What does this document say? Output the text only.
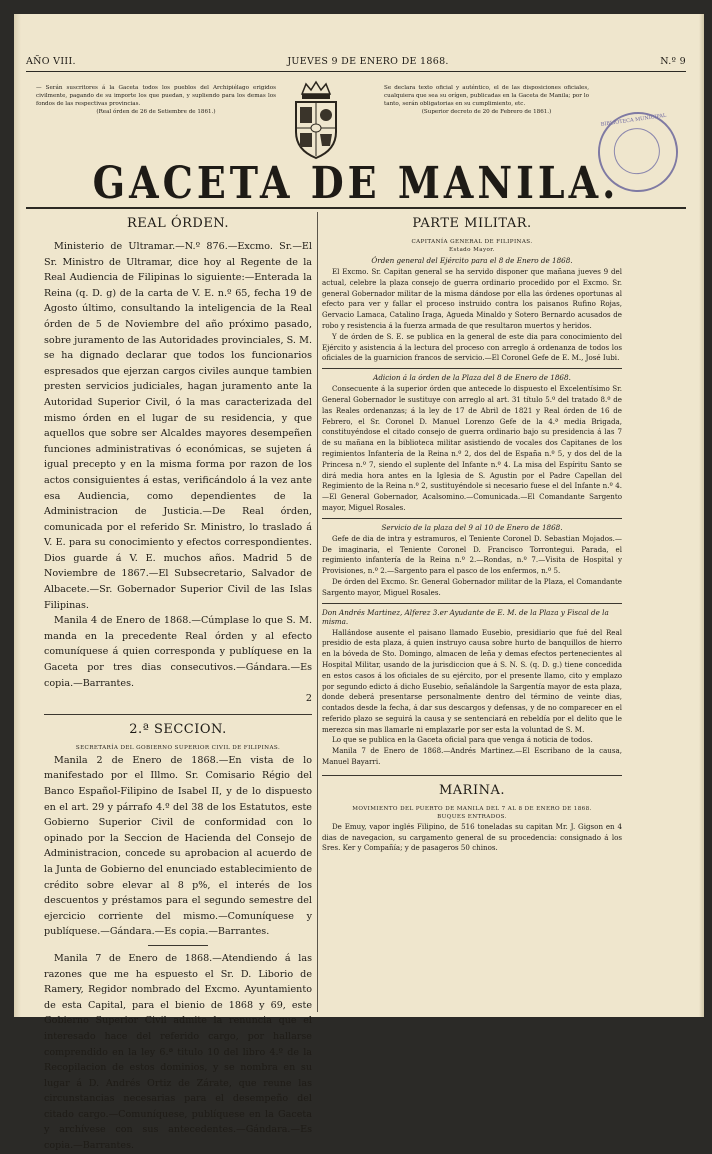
AÑO VIII.	JUEVES 9 DE ENERO DE 1868.	N.º 9
— Serán suscritores á la Gaceta todos los pueblos del Archipiélago erigidos civilmente, pagando de su importe los que puedan, y supliendo para los demas los fondos de las respectivas provincias.
(Real órden de 26 de Setiembre de 1861.)
Se declara texto oficial y auténtico, el de las disposiciones oficiales, cualquiera que sea su orígen, publicadas en la Gaceta de Manila; por lo tanto, serán obligatorias en su cumplimiento, etc.
(Superior decreto de 20 de Febrero de 1861.)
BIBLIOTECA MUNICIPAL
GACETA DE MANILA.
REAL ÓRDEN.

Ministerio de Ultramar.—N.º 876.—Excmo. Sr.—El Sr. Ministro de Ultramar, dice hoy al Regente de la Real Audiencia de Filipinas lo siguiente:—Enterada la Reina (q. D. g) de la carta de V. E. n.º 65, fecha 19 de Agosto último, consultando la inteligencia de la Real órden de 5 de Noviembre del año próximo pasado, sobre juramento de las Autoridades provinciales, S. M. se ha dignado declarar que todos los funcionarios espresados que ejerzan cargos civiles aunque tambien presten servicios judiciales, hagan juramento ante la Autoridad Superior Civil, ó la mas caracterizada del mismo órden en el lugar de su residencia, y que aquellos que sobre ser Alcaldes mayores desempeñen funciones administrativas ó económicas, se sujeten á igual precepto y en la misma forma por razon de los actos consiguientes á estas, verificándolo á la vez ante esa Audiencia, como dependientes de la Administracion de Justicia.—De Real órden, comunicada por el referido Sr. Ministro, lo traslado á V. E. para su conocimiento y efectos correspondientes. Dios guarde á V. E. muchos años. Madrid 5 de Noviembre de 1867.—El Subsecretario, Salvador de Albacete.—Sr. Gobernador Superior Civil de las Islas Filipinas.

Manila 4 de Enero de 1868.—Cúmplase lo que S. M. manda en la precedente Real órden y al efecto comuníquese á quien corresponda y publíquese en la Gaceta por tres dias consecutivos.—Gándara.—Es copia.—Barrantes.

2
2.ª SECCION.
SECRETARÍA DEL GOBIERNO SUPERIOR CIVIL DE FILIPINAS.

Manila 2 de Enero de 1868.—En vista de lo manifestado por el Illmo. Sr. Comisario Régio del Banco Español-Filipino de Isabel II, y de lo dispuesto en el art. 29 y párrafo 4.º del 38 de los Estatutos, este Gobierno Superior Civil de conformidad con lo opinado por la Seccion de Hacienda del Consejo de Administracion, concede su aprobacion al acuerdo de la Junta de Gobierno del enunciado establecimiento de crédito sobre elevar al 8 p%, el interés de los descuentos y préstamos para el segundo semestre del ejercicio corriente del mismo.—Comuníquese y publíquese.—Gándara.—Es copia.—Barrantes.

Manila 7 de Enero de 1868.—Atendiendo á las razones que me ha espuesto el Sr. D. Liborio de Ramery, Regidor nombrado del Excmo. Ayuntamiento de esta Capital, para el bienio de 1868 y 69, este Gobierno Superior Civil admite la renuncia que el interesado hace del referido cargo, por hallarse comprendido en la ley 6.ª titulo 10 del libro 4.º de la Recopilacion de estos dominios, y se nombra en su lugar á D. Andrés Ortiz de Zárate, que reune las circunstancias necesarias para el desempeño del citado cargo.—Comuníquese, publíquese en la Gaceta y archívese con sus antecedentes.—Gándara.—Es copia.—Barrantes.

PARTE MILITAR.
CAPITANÍA GENERAL DE FILIPINAS.
Estado Mayor.
Órden general del Ejército para el 8 de Enero de 1868.

El Excmo. Sr. Capitan general se ha servido disponer que mañana jueves 9 del actual, celebre la plaza consejo de guerra ordinario procedido por el Excmo. Sr. general Gobernador militar de la misma dándose por ella las órdenes oportunas al efecto para ver y fallar el proceso instruido contra los paisanos Rufino Rojas, Gervacio Lamaca, Catalino Iraga, Agueda Minaldo y Sotero Bernardo acusados de robo y resistencia á la fuerza armada de que resultaron muertos y heridos.

Y de órden de S. E. se publica en la general de este dia para conocimiento del Ejército y asistencia á la lectura del proceso con arreglo á ordenanza de todos los oficiales de la guarnicion francos de servicio.—El Coronel Gefe de E. M., José Iubi.

Adicion á la órden de la Plaza del 8 de Enero de 1868.

Consecuente á la superior órden que antecede lo dispuesto el Excelentísimo Sr. General Gobernador le sustituye con arreglo al art. 31 título 5.º del tratado 8.º de las Reales ordenanzas; á la ley de 17 de Abril de 1821 y Real órden de 16 de Febrero, el Sr. Coronel D. Manuel Lorenzo Gefe de la 4.ª media Brigada, constituyéndose el citado consejo de guerra ordinario bajo su presidencia á las 7 de su mañana en la biblioteca militar asistiendo de vocales dos Capitanes de los regimientos Infantería de la Reina n.º 2, dos del de España n.º 5, y dos del de la Princesa n.º 7, siendo el suplente del Infante n.º 4. La misa del Espíritu Santo se dirá media hora antes en la Iglesia de S. Agustin por el Padre Capellan del Regimiento de la Reina n.º 2, sustituyéndole si necesario fuese el del Infante n.º 4.—El General Gobernador, Acalsomino.—Comunicada.—El Comandante Sargento mayor, Miguel Rosales.

Servicio de la plaza del 9 al 10 de Enero de 1868.

Gefe de dia de intra y estramuros, el Teniente Coronel D. Sebastian Mojados.—De imaginaria, el Teniente Coronel D. Francisco Torrontegui. Parada, el regimiento infantería de la Reina n.º 2.—Rondas, n.º 7.—Visita de Hospital y Provisiones, n.º 2.—Sargento para el pasco de los enfermos, n.º 5.

De órden del Excmo. Sr. General Gobernador militar de la Plaza, el Comandante Sargento mayor, Miguel Rosales.

Don Andrés Martinez, Alferez 3.er Ayudante de E. M. de la Plaza y Fiscal de la misma.

Hallándose ausente el paisano llamado Eusebio, presidiario que fué del Real presidio de esta plaza, á quien instruyo causa sobre hurto de banquillos de hierro en la bóveda de Sto. Domingo, almacen de leña y demas efectos pertenecientes al Hospital Militar, usando de la jurisdiccion que á S. N. S. (q. D. g.) tiene concedida en estos casos á los oficiales de su ejército, por el presente llamo, cito y emplazo por segundo edicto á dicho Eusebio, señalándole la Sargentía mayor de esta plaza, donde deberá presentarse personalmente dentro del término de veinte dias, contados desde la fecha, á dar sus descargos y defensas, y de no comparecer en el referido plazo se seguirá la causa y se sentenciará en rebeldía por el delito que le merezca sin mas llamarle ni emplazarle por ser esta la voluntad de S. M.

Lo que se publica en la Gaceta oficial para que venga á noticia de todos.

Manila 7 de Enero de 1868.—Andrés Martinez.—El Escribano de la causa, Manuel Bayarri.

MARINA.
MOVIMIENTO DEL PUERTO DE MANILA DEL 7 AL 8 DE ENERO DE 1868.
BUQUES ENTRADOS.

De Emuy, vapor inglés Filipino, de 516 toneladas su capitan Mr. J. Gigson en 4 dias de navegacion, su cargamento general de su procedencia: consignado á los Sres. Ker y Compañía; y de pasageros 50 chinos.
